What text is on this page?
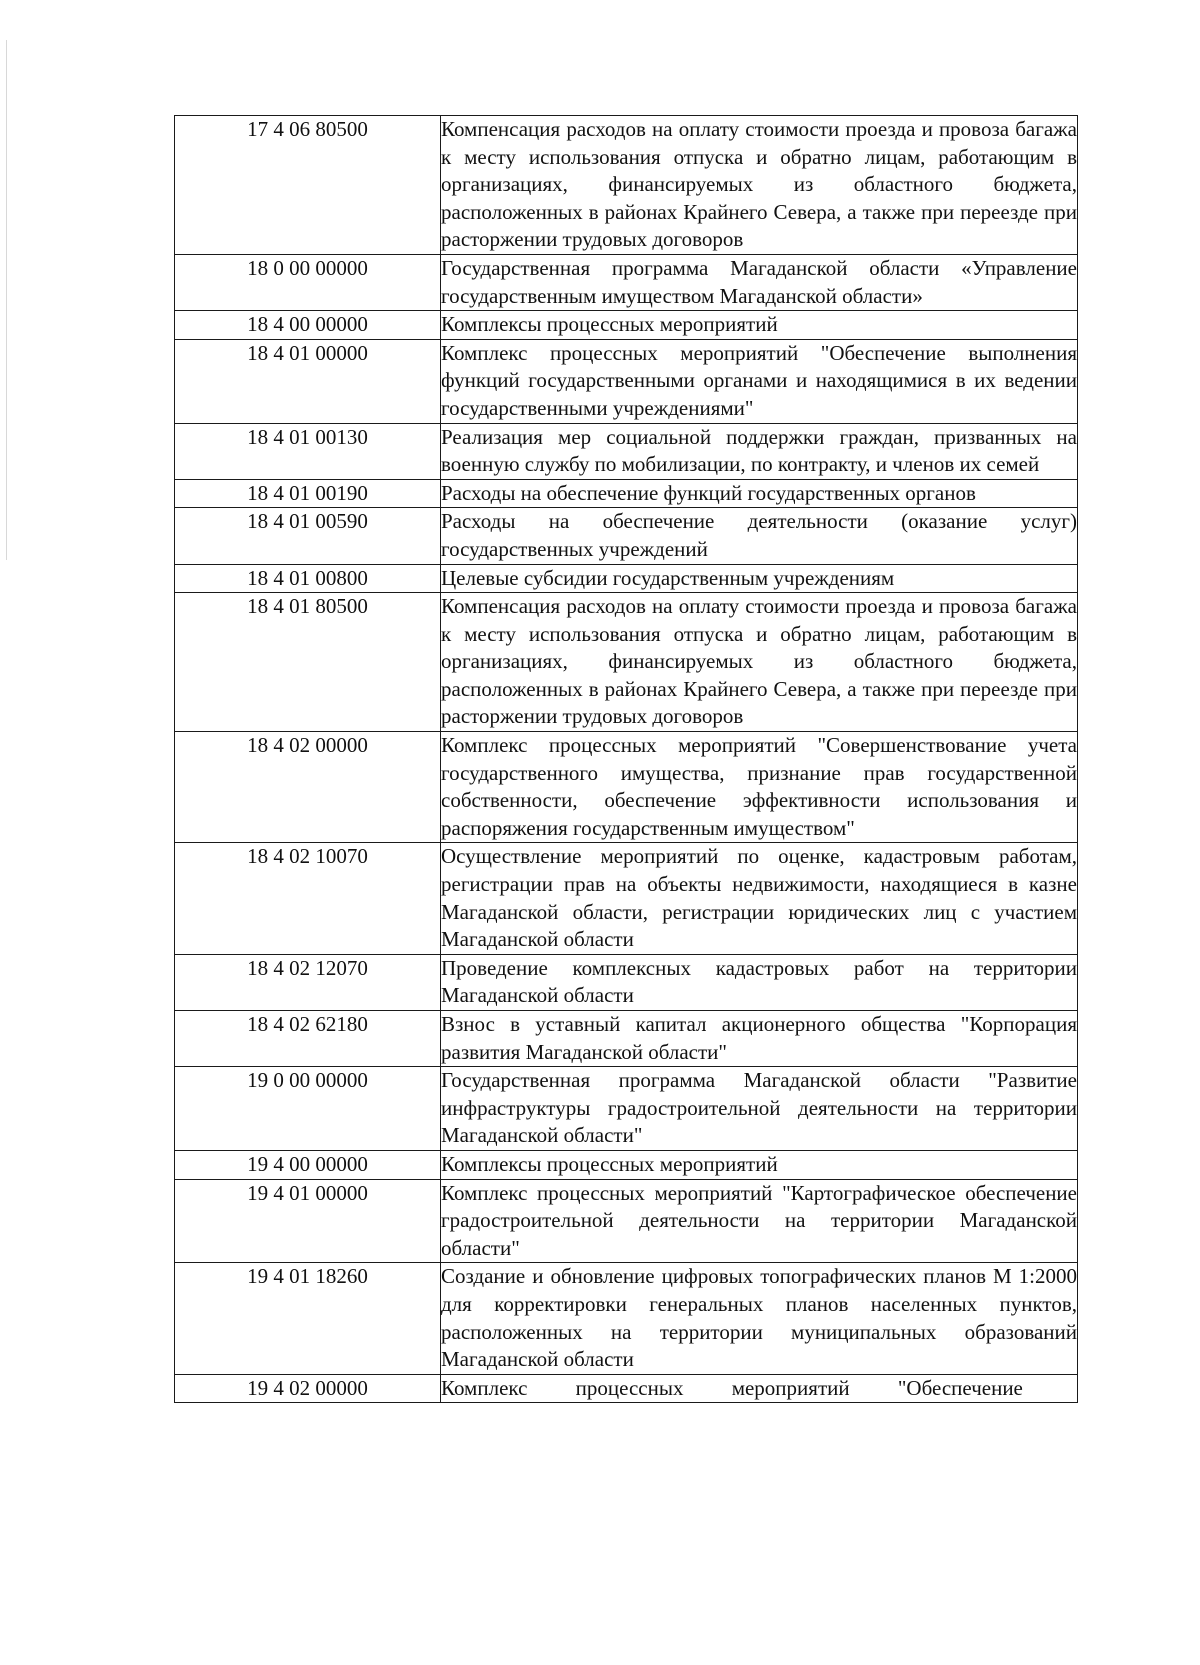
17 4 06 80500	Компенсация расходов на оплату стоимости проезда и провоза багажа к месту использования отпуска и обратно лицам, работающим в организациях, финансируемых из областного бюджета, расположенных в районах Крайнего Севера, а также при переезде при расторжении трудовых договоров
18 0 00 00000	Государственная программа Магаданской области «Управление государственным имуществом Магаданской области»
18 4 00 00000	Комплексы процессных мероприятий
18 4 01 00000	Комплекс процессных мероприятий "Обеспечение выполнения функций государственными органами и находящимися в их ведении государственными учреждениями"
18 4 01 00130	Реализация мер социальной поддержки граждан, призванных на военную службу по мобилизации, по контракту, и членов их семей
18 4 01 00190	Расходы на обеспечение функций государственных органов
18 4 01 00590	Расходы на обеспечение деятельности (оказание услуг) государственных учреждений
18 4 01 00800	Целевые субсидии государственным учреждениям
18 4 01 80500	Компенсация расходов на оплату стоимости проезда и провоза багажа к месту использования отпуска и обратно лицам, работающим в организациях, финансируемых из областного бюджета, расположенных в районах Крайнего Севера, а также при переезде при расторжении трудовых договоров
18 4 02 00000	Комплекс процессных мероприятий "Совершенствование учета государственного имущества, признание прав государственной собственности, обеспечение эффективности использования и распоряжения государственным имуществом"
18 4 02 10070	Осуществление мероприятий по оценке, кадастровым работам, регистрации прав на объекты недвижимости, находящиеся в казне Магаданской области, регистрации юридических лиц с участием Магаданской области
18 4 02 12070	Проведение комплексных кадастровых работ на территории Магаданской области
18 4 02 62180	Взнос в уставный капитал акционерного общества "Корпорация развития Магаданской области"
19 0 00 00000	Государственная программа Магаданской области "Развитие инфраструктуры градостроительной деятельности на территории Магаданской области"
19 4 00 00000	Комплексы процессных мероприятий
19 4 01 00000	Комплекс процессных мероприятий "Картографическое обеспечение градостроительной деятельности на территории Магаданской области"
19 4 01 18260	Создание и обновление цифровых топографических планов М 1:2000 для корректировки генеральных планов населенных пунктов, расположенных на территории муниципальных образований Магаданской области
19 4 02 00000	Комплекс процессных мероприятий "Обеспечение
